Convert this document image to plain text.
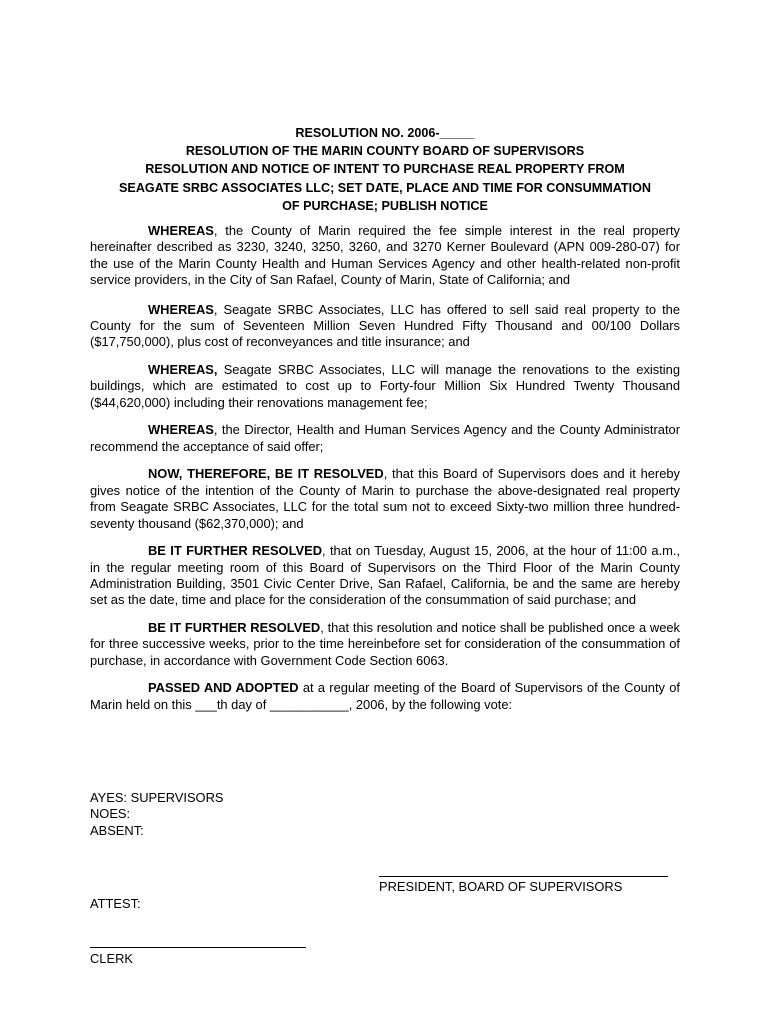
RESOLUTION NO. 2006-_____
RESOLUTION OF THE MARIN COUNTY BOARD OF SUPERVISORS
RESOLUTION AND NOTICE OF INTENT TO PURCHASE REAL PROPERTY FROM
SEAGATE SRBC ASSOCIATES LLC; SET DATE, PLACE AND TIME FOR CONSUMMATION
OF PURCHASE; PUBLISH NOTICE

WHEREAS, the County of Marin required the fee simple interest in the real property hereinafter described as 3230, 3240, 3250, 3260, and 3270 Kerner Boulevard (APN 009-280-07) for the use of the Marin County Health and Human Services Agency and other health-related non-profit service providers, in the City of San Rafael, County of Marin, State of California; and

WHEREAS, Seagate SRBC Associates, LLC has offered to sell said real property to the County for the sum of Seventeen Million Seven Hundred Fifty Thousand and 00/100 Dollars ($17,750,000), plus cost of reconveyances and title insurance; and

WHEREAS, Seagate SRBC Associates, LLC will manage the renovations to the existing buildings, which are estimated to cost up to Forty-four Million Six Hundred Twenty Thousand ($44,620,000) including their renovations management fee;

WHEREAS, the Director, Health and Human Services Agency and the County Administrator recommend the acceptance of said offer;

NOW, THEREFORE, BE IT RESOLVED, that this Board of Supervisors does and it hereby gives notice of the intention of the County of Marin to purchase the above-designated real property from Seagate SRBC Associates, LLC for the total sum not to exceed Sixty-two million three hundred-seventy thousand ($62,370,000); and

BE IT FURTHER RESOLVED, that on Tuesday, August 15, 2006, at the hour of 11:00 a.m., in the regular meeting room of this Board of Supervisors on the Third Floor of the Marin County Administration Building, 3501 Civic Center Drive, San Rafael, California, be and the same are hereby set as the date, time and place for the consideration of the consummation of said purchase; and

BE IT FURTHER RESOLVED, that this resolution and notice shall be published once a week for three successive weeks, prior to the time hereinbefore set for consideration of the consummation of purchase, in accordance with Government Code Section 6063.

PASSED AND ADOPTED at a regular meeting of the Board of Supervisors of the County of Marin held on this ___th day of ___________, 2006, by the following vote:

AYES: SUPERVISORS
NOES:
ABSENT:
PRESIDENT, BOARD OF SUPERVISORS
ATTEST:
CLERK
